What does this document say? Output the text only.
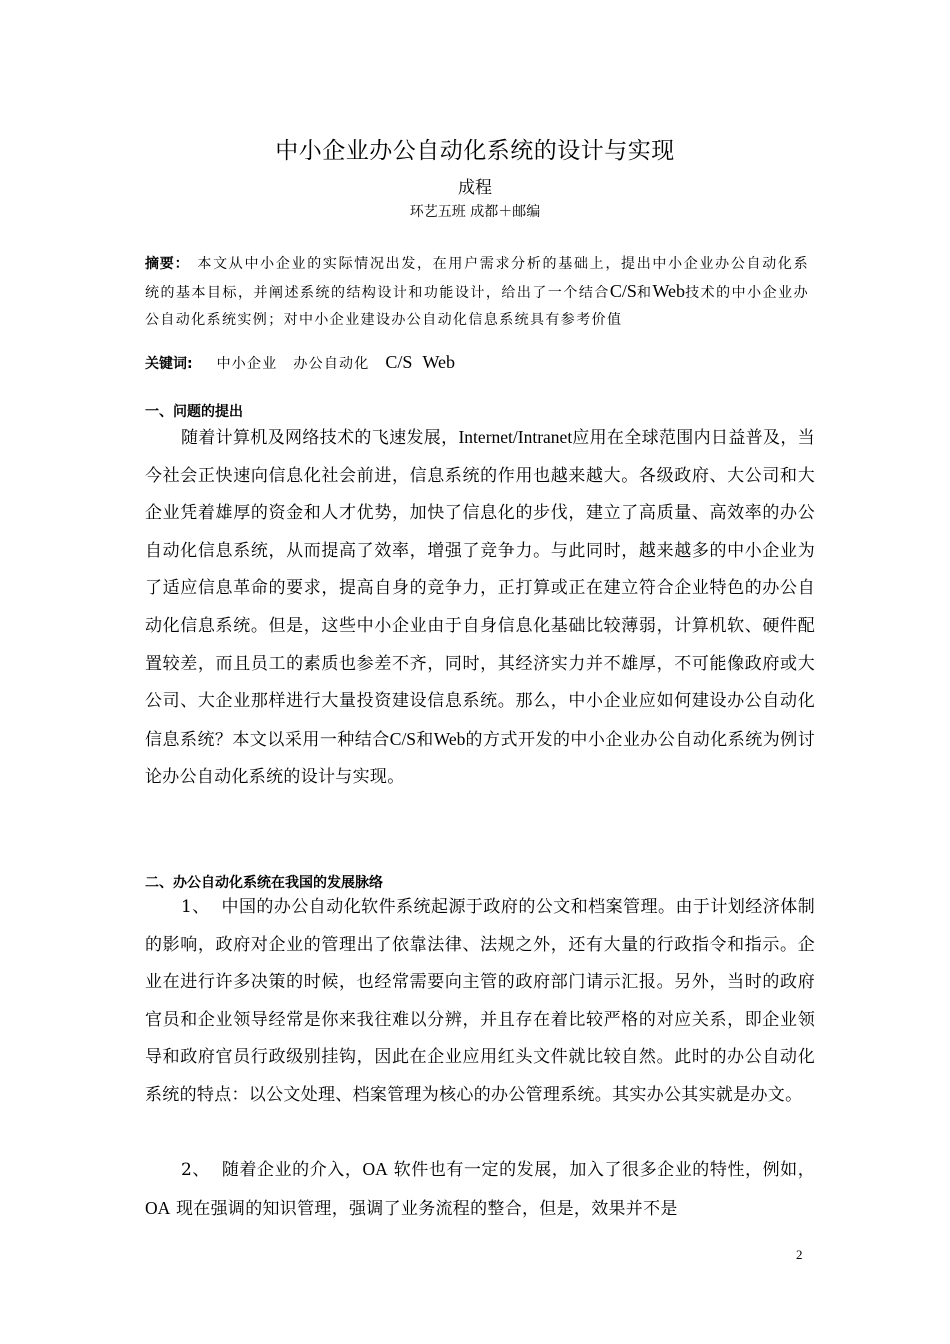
中小企业办公自动化系统的设计与实现
成程
环艺五班 成都＋邮编
摘要： 本文从中小企业的实际情况出发，在用户需求分析的基础上，提出中小企业办公自动化系统的基本目标，并阐述系统的结构设计和功能设计，给出了一个结合C/S和Web技术的中小企业办公自动化系统实例；对中小企业建设办公自动化信息系统具有参考价值
关键词: 中小企业 办公自动化 C/S Web
一、问题的提出
随着计算机及网络技术的飞速发展，Internet/Intranet应用在全球范围内日益普及，当今社会正快速向信息化社会前进，信息系统的作用也越来越大。各级政府、大公司和大企业凭着雄厚的资金和人才优势，加快了信息化的步伐，建立了高质量、高效率的办公自动化信息系统，从而提高了效率，增强了竞争力。与此同时，越来越多的中小企业为了适应信息革命的要求，提高自身的竞争力，正打算或正在建立符合企业特色的办公自动化信息系统。但是，这些中小企业由于自身信息化基础比较薄弱，计算机软、硬件配置较差，而且员工的素质也参差不齐，同时，其经济实力并不雄厚，不可能像政府或大公司、大企业那样进行大量投资建设信息系统。那么，中小企业应如何建设办公自动化信息系统？本文以采用一种结合C/S和Web的方式开发的中小企业办公自动化系统为例讨论办公自动化系统的设计与实现。
二、办公自动化系统在我国的发展脉络
1、 中国的办公自动化软件系统起源于政府的公文和档案管理。由于计划经济体制的影响，政府对企业的管理出了依靠法律、法规之外，还有大量的行政指令和指示。企业在进行许多决策的时候，也经常需要向主管的政府部门请示汇报。另外，当时的政府官员和企业领导经常是你来我往难以分辨，并且存在着比较严格的对应关系，即企业领导和政府官员行政级别挂钩，因此在企业应用红头文件就比较自然。此时的办公自动化系统的特点：以公文处理、档案管理为核心的办公管理系统。其实办公其实就是办文。
2、 随着企业的介入，OA 软件也有一定的发展，加入了很多企业的特性，例如，OA 现在强调的知识管理，强调了业务流程的整合，但是，效果并不是
2
